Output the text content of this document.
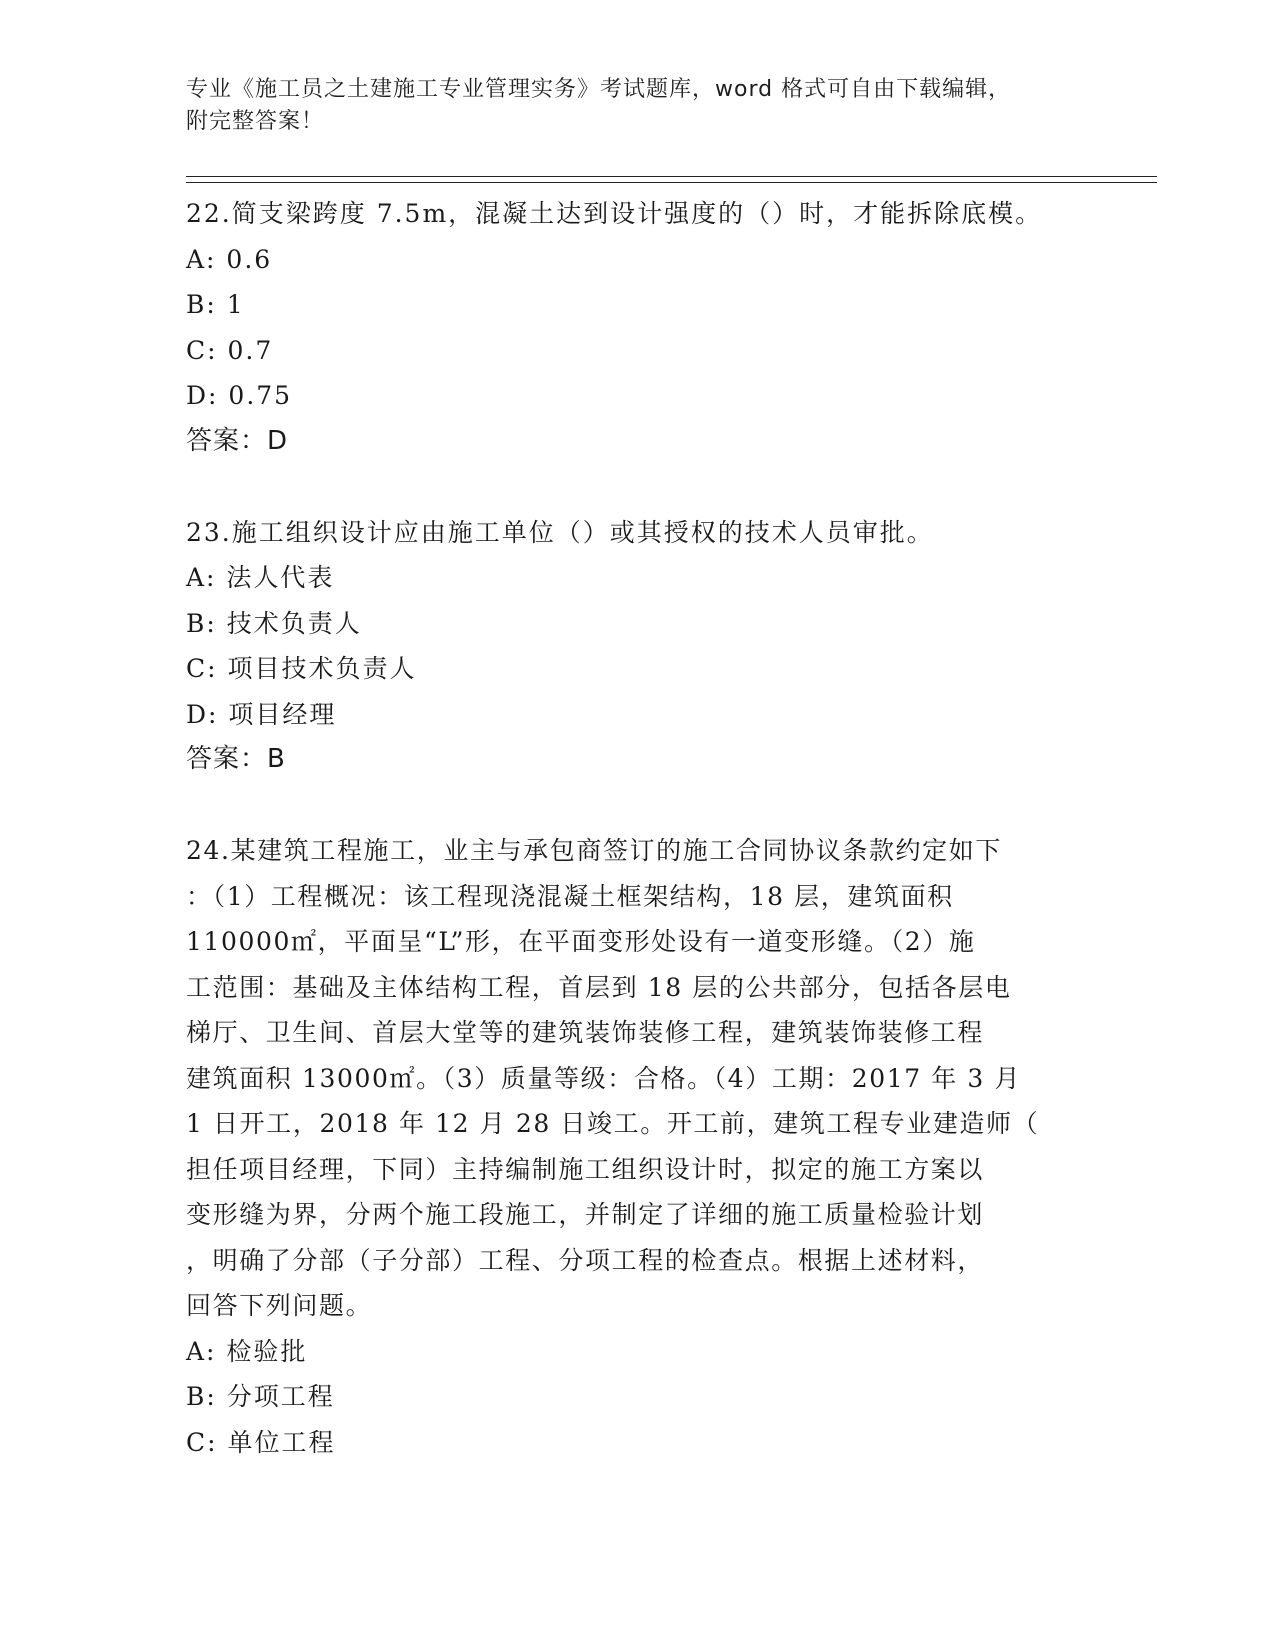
专业《施工员之土建施工专业管理实务》考试题库，word 格式可自由下载编辑，
附完整答案！
22.简支梁跨度 7.5m，混凝土达到设计强度的（）时，才能拆除底模。
A: 0.6
B: 1
C: 0.7
D: 0.75
答案：D
23.施工组织设计应由施工单位（）或其授权的技术人员审批。
A: 法人代表
B: 技术负责人
C: 项目技术负责人
D: 项目经理
答案：B
24.某建筑工程施工，业主与承包商签订的施工合同协议条款约定如下
：（1）工程概况：该工程现浇混凝土框架结构，18 层，建筑面积
110000㎡，平面呈“L”形，在平面变形处设有一道变形缝。（2）施
工范围：基础及主体结构工程，首层到 18 层的公共部分，包括各层电
梯厅、卫生间、首层大堂等的建筑装饰装修工程，建筑装饰装修工程
建筑面积 13000㎡。（3）质量等级：合格。（4）工期：2017 年 3 月
1 日开工，2018 年 12 月 28 日竣工。开工前，建筑工程专业建造师（
担任项目经理，下同）主持编制施工组织设计时，拟定的施工方案以
变形缝为界，分两个施工段施工，并制定了详细的施工质量检验计划
，明确了分部（子分部）工程、分项工程的检查点。根据上述材料，
回答下列问题。
A: 检验批
B: 分项工程
C: 单位工程
